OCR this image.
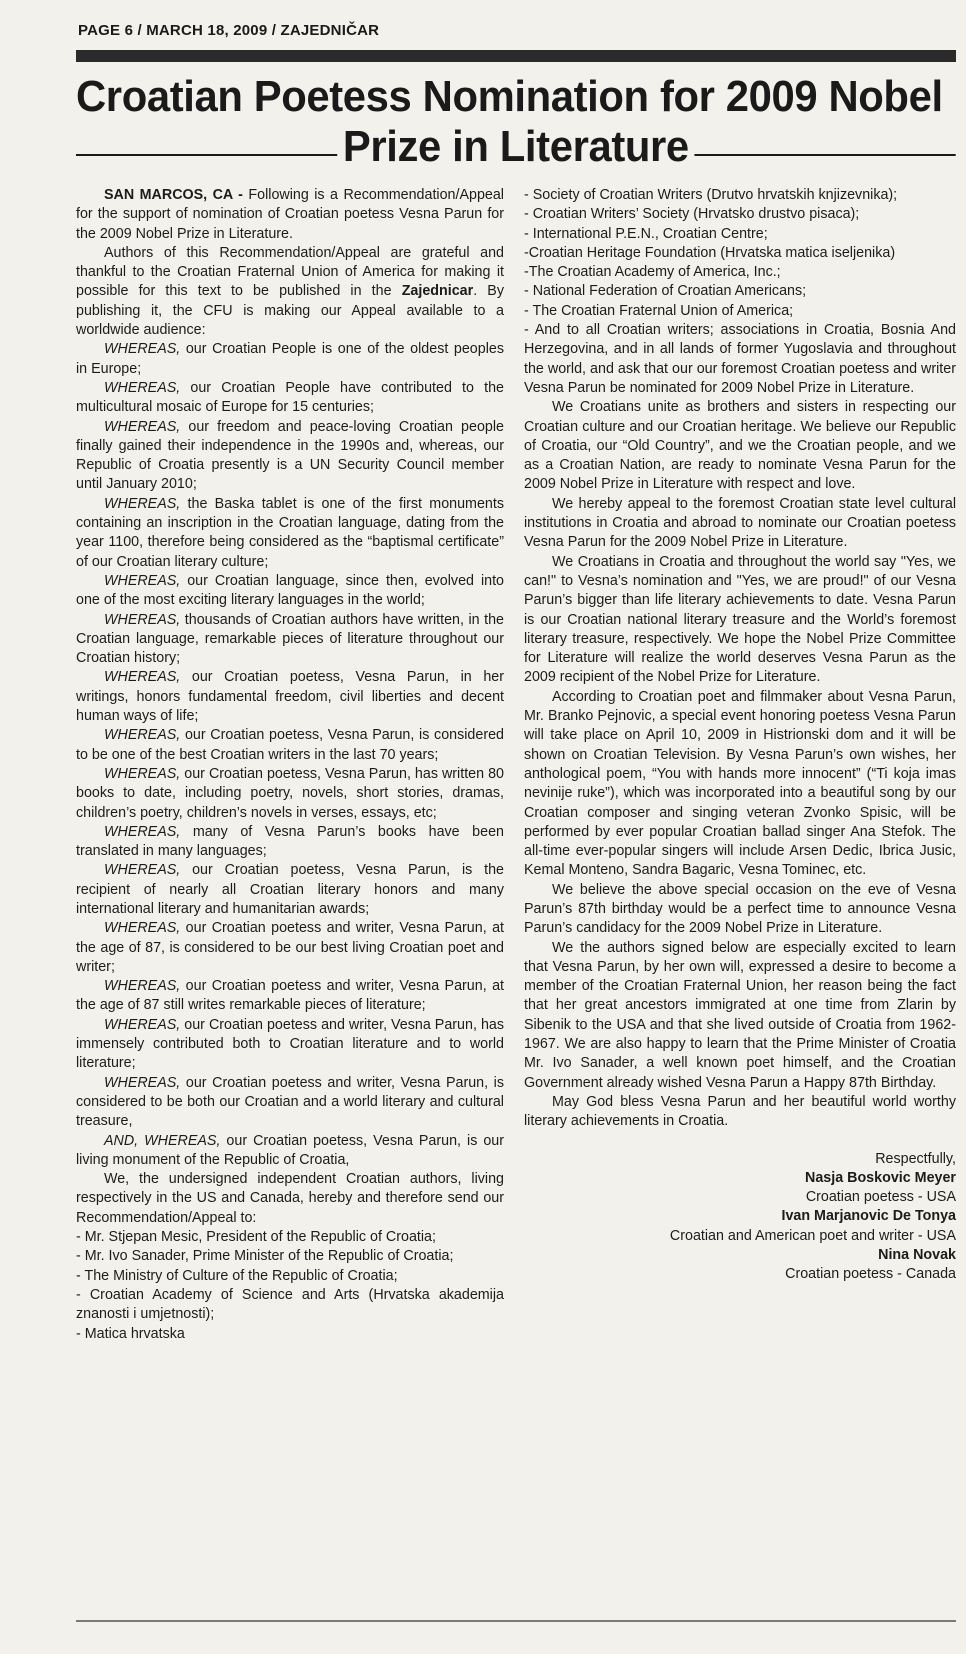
PAGE 6 / MARCH 18, 2009 / ZAJEDNIČAR
Croatian Poetess Nomination for 2009 Nobel
Prize in Literature

SAN MARCOS, CA - Following is a Recommendation/Appeal for the support of nomination of Croatian poetess Vesna Parun for the 2009 Nobel Prize in Literature.

Authors of this Recommendation/Appeal are grateful and thankful to the Croatian Fraternal Union of America for making it possible for this text to be published in the Zajednicar. By publishing it, the CFU is making our Appeal available to a worldwide audience:

WHEREAS, our Croatian People is one of the oldest peoples in Europe;

WHEREAS, our Croatian People have contributed to the multicultural mosaic of Europe for 15 centuries;

WHEREAS, our freedom and peace-loving Croatian people finally gained their independence in the 1990s and, whereas, our Republic of Croatia presently is a UN Security Council member until January 2010;

WHEREAS, the Baska tablet is one of the first monuments containing an inscription in the Croatian language, dating from the year 1100, therefore being considered as the “baptismal certificate” of our Croatian literary culture;

WHEREAS, our Croatian language, since then, evolved into one of the most exciting literary languages in the world;

WHEREAS, thousands of Croatian authors have written, in the Croatian language, remarkable pieces of literature throughout our Croatian history;

WHEREAS, our Croatian poetess, Vesna Parun, in her writings, honors fundamental freedom, civil liberties and decent human ways of life;

WHEREAS, our Croatian poetess, Vesna Parun, is considered to be one of the best Croatian writers in the last 70 years;

WHEREAS, our Croatian poetess, Vesna Parun, has written 80 books to date, including poetry, novels, short stories, dramas, children’s poetry, children’s novels in verses, essays, etc;

WHEREAS, many of Vesna Parun’s books have been translated in many languages;

WHEREAS, our Croatian poetess, Vesna Parun, is the recipient of nearly all Croatian literary honors and many international literary and humanitarian awards;

WHEREAS, our Croatian poetess and writer, Vesna Parun, at the age of 87, is considered to be our best living Croatian poet and writer;

WHEREAS, our Croatian poetess and writer, Vesna Parun, at the age of 87 still writes remarkable pieces of literature;

WHEREAS, our Croatian poetess and writer, Vesna Parun, has immensely contributed both to Croatian literature and to world literature;

WHEREAS, our Croatian poetess and writer, Vesna Parun, is considered to be both our Croatian and a world literary and cultural treasure,

AND, WHEREAS, our Croatian poetess, Vesna Parun, is our living monument of the Republic of Croatia,

We, the undersigned independent Croatian authors, living respectively in the US and Canada, hereby and therefore send our Recommendation/Appeal to:

- Mr. Stjepan Mesic, President of the Republic of Croatia;

- Mr. Ivo Sanader, Prime Minister of the Republic of Croatia;

- The Ministry of Culture of the Republic of Croatia;

- Croatian Academy of Science and Arts (Hrvatska akademija znanosti i umjetnosti);

- Matica hrvatska

- Society of Croatian Writers (Drutvo hrvatskih knjizevnika);

- Croatian Writers’ Society (Hrvatsko drustvo pisaca);

- International P.E.N., Croatian Centre;

-Croatian Heritage Foundation (Hrvatska matica iseljenika)

-The Croatian Academy of America, Inc.;

- National Federation of Croatian Americans;

- The Croatian Fraternal Union of America;

- And to all Croatian writers; associations in Croatia, Bosnia And Herzegovina, and in all lands of former Yugoslavia and throughout the world, and ask that our our foremost Croatian poetess and writer Vesna Parun be nominated for 2009 Nobel Prize in Literature.

We Croatians unite as brothers and sisters in respecting our Croatian culture and our Croatian heritage. We believe our Republic of Croatia, our “Old Country”, and we the Croatian people, and we as a Croatian Nation, are ready to nominate Vesna Parun for the 2009 Nobel Prize in Literature with respect and love.

We hereby appeal to the foremost Croatian state level cultural institutions in Croatia and abroad to nominate our Croatian poetess Vesna Parun for the 2009 Nobel Prize in Literature.

We Croatians in Croatia and throughout the world say "Yes, we can!" to Vesna’s nomination and "Yes, we are proud!" of our Vesna Parun’s bigger than life literary achievements to date. Vesna Parun is our Croatian national literary treasure and the World’s foremost literary treasure, respectively. We hope the Nobel Prize Committee for Literature will realize the world deserves Vesna Parun as the 2009 recipient of the Nobel Prize for Literature.

According to Croatian poet and filmmaker about Vesna Parun, Mr. Branko Pejnovic, a special event honoring poetess Vesna Parun will take place on April 10, 2009 in Histrionski dom and it will be shown on Croatian Television. By Vesna Parun’s own wishes, her anthological poem, “You with hands more innocent” (“Ti koja imas nevinije ruke”), which was incorporated into a beautiful song by our Croatian composer and singing veteran Zvonko Spisic, will be performed by ever popular Croatian ballad singer Ana Stefok. The all-time ever-popular singers will include Arsen Dedic, Ibrica Jusic, Kemal Monteno, Sandra Bagaric, Vesna Tominec, etc.

We believe the above special occasion on the eve of Vesna Parun’s 87th birthday would be a perfect time to announce Vesna Parun’s candidacy for the 2009 Nobel Prize in Literature.

We the authors signed below are especially excited to learn that Vesna Parun, by her own will, expressed a desire to become a member of the Croatian Fraternal Union, her reason being the fact that her great ancestors immigrated at one time from Zlarin by Sibenik to the USA and that she lived outside of Croatia from 1962-1967. We are also happy to learn that the Prime Minister of Croatia Mr. Ivo Sanader, a well known poet himself, and the Croatian Government already wished Vesna Parun a Happy 87th Birthday.

May God bless Vesna Parun and her beautiful world worthy literary achievements in Croatia.

Respectfully,

Nasja Boskovic Meyer

Croatian poetess - USA

Ivan Marjanovic De Tonya

Croatian and American poet and writer - USA

Nina Novak

Croatian poetess - Canada
